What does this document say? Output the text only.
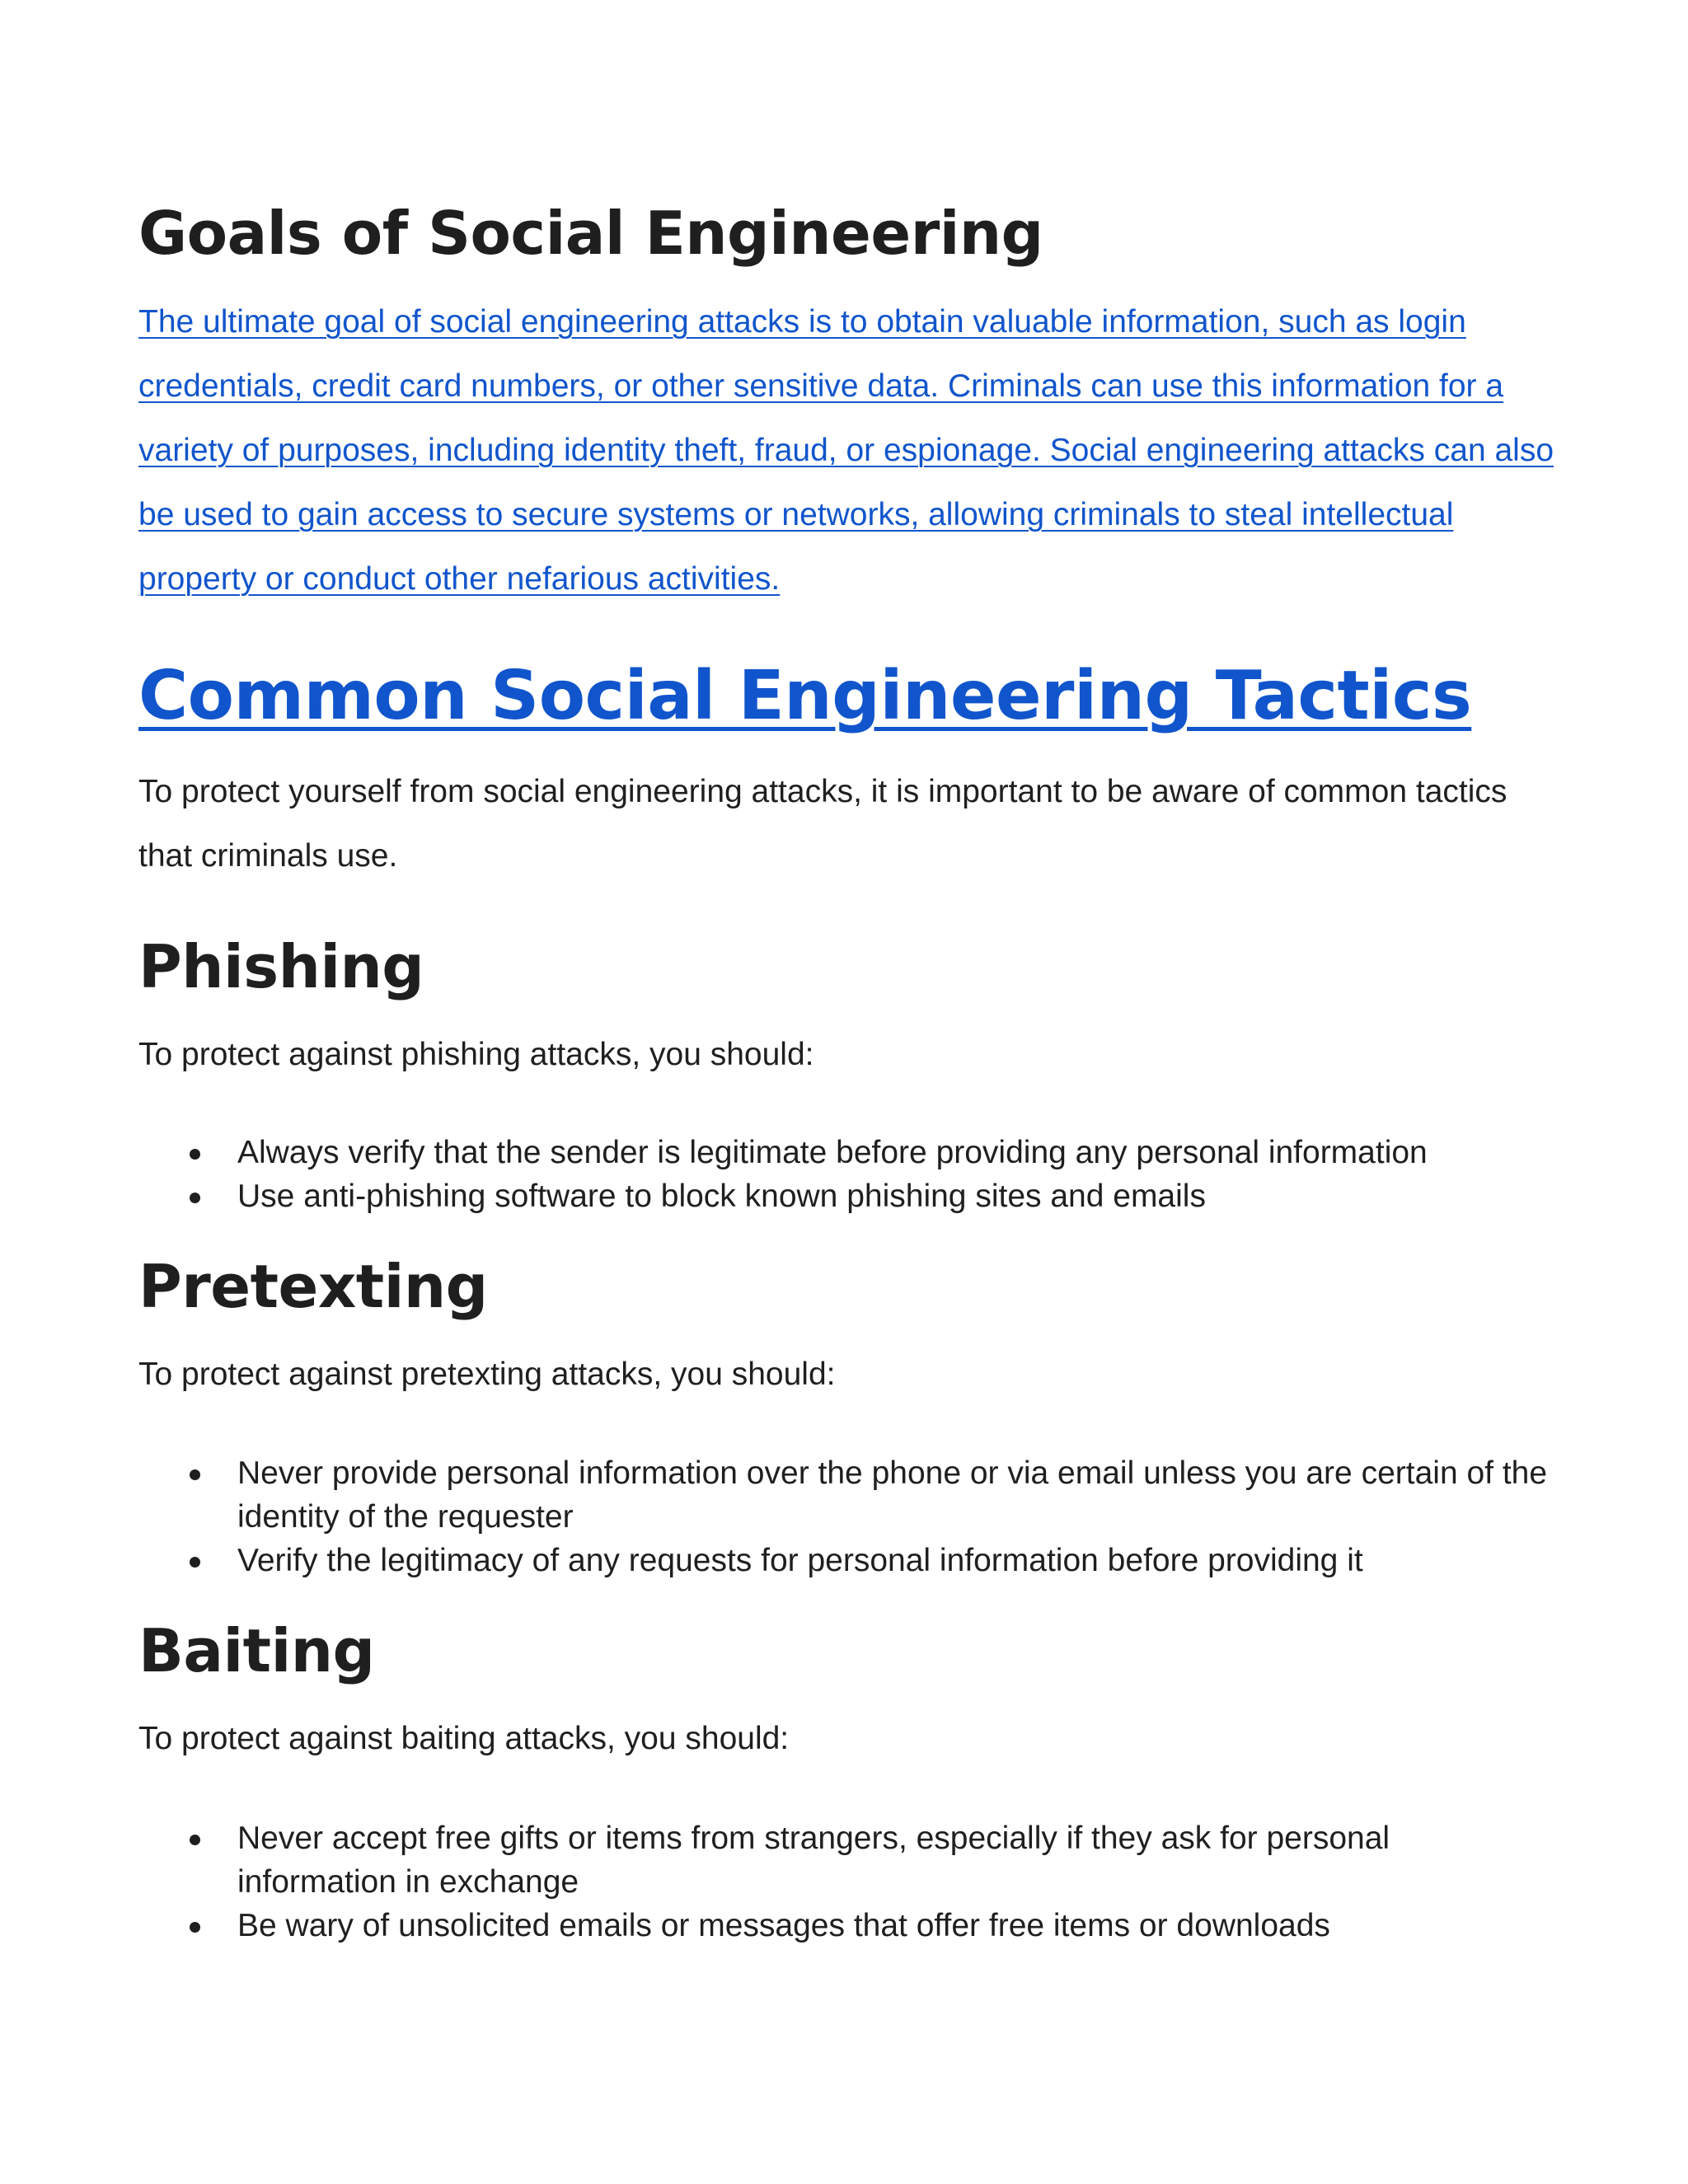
Goals of Social Engineering

The ultimate goal of social engineering attacks is to obtain valuable information, such as login credentials, credit card numbers, or other sensitive data. Criminals can use this information for a variety of purposes, including identity theft, fraud, or espionage. Social engineering attacks can also be used to gain access to secure systems or networks, allowing criminals to steal intellectual property or conduct other nefarious activities.

Common Social Engineering Tactics

To protect yourself from social engineering attacks, it is important to be aware of common tactics that criminals use.

Phishing

To protect against phishing attacks, you should:

Always verify that the sender is legitimate before providing any personal information
Use anti-phishing software to block known phishing sites and emails
Pretexting

To protect against pretexting attacks, you should:

Never provide personal information over the phone or via email unless you are certain of the identity of the requester
Verify the legitimacy of any requests for personal information before providing it
Baiting

To protect against baiting attacks, you should:

Never accept free gifts or items from strangers, especially if they ask for personal information in exchange
Be wary of unsolicited emails or messages that offer free items or downloads
